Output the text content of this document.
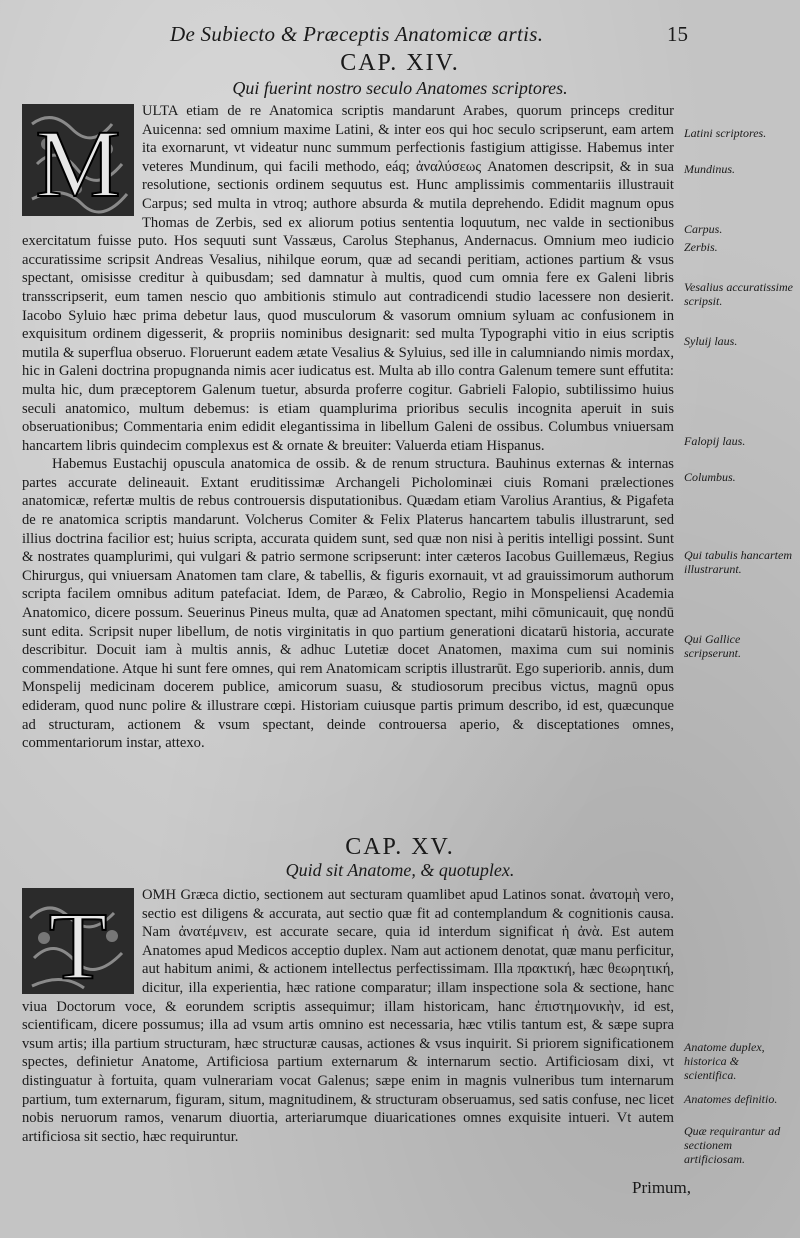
De Subiecto & Præceptis Anatomicæ artis.	15
CAP. XIV.
Qui fuerint nostro seculo Anatomes scriptores.
M	ULTA etiam de re Anatomica scriptis mandarunt Arabes, quorum princeps creditur Auicenna: sed omnium maxime Latini, & inter eos qui hoc seculo scripserunt, eam artem ita exornarunt, vt videatur nunc summum perfectionis fastigium attigisse. Habemus inter veteres Mundinum, qui facili methodo, eáq; ἀναλύσεως Anatomen descripsit, & in sua resolutione, sectionis ordinem sequutus est. Hunc amplissimis commentariis illustrauit Carpus; sed multa in vtroq; authore absurda & mutila deprehendo. Edidit magnum opus Thomas de Zerbis, sed ex aliorum potius sententia loquutum, nec valde in sectionibus exercitatum fuisse puto. Hos sequuti sunt Vassæus, Carolus Stephanus, Andernacus. Omnium meo iudicio accuratissime scripsit Andreas Vesalius, nihilque eorum, quæ ad secandi peritiam, actiones partium & vsus spectant, omisisse creditur à quibusdam; sed damnatur à multis, quod cum omnia fere ex Galeni libris transscripserit, eum tamen nescio quo ambitionis stimulo aut contradicendi studio lacessere non desierit. Iacobo Syluio hæc prima debetur laus, quod musculorum & vasorum omnium syluam ac confusionem in exquisitum ordinem digesserit, & propriis nominibus designarit: sed multa Typographi vitio in eius scriptis mutila & superflua obseruo. Floruerunt eadem ætate Vesalius & Syluius, sed ille in calumniando nimis mordax, hic in Galeni doctrina propugnanda nimis acer iudicatus est. Multa ab illo contra Galenum temere sunt effutita: multa hic, dum præceptorem Galenum tuetur, absurda proferre cogitur. Gabrieli Falopio, subtilissimo huius seculi anatomico, multum debemus: is etiam quamplurima prioribus seculis incognita aperuit in suis obseruationibus; Commentaria enim edidit elegantissima in libellum Galeni de ossibus. Columbus vniuersam hancartem libris quindecim complexus est & ornate & breuiter: Valuerda etiam Hispanus.

Habemus Eustachij opuscula anatomica de ossib. & de renum structura. Bauhinus externas & internas partes accurate delineauit. Extant eruditissimæ Archangeli Picholominæi ciuis Romani prælectiones anatomicæ, refertæ multis de rebus controuersis disputationibus. Quædam etiam Varolius Arantius, & Pigafeta de re anatomica scriptis mandarunt. Volcherus Comiter & Felix Platerus hancartem tabulis illustrarunt, sed illius doctrina facilior est; huius scripta, accurata quidem sunt, sed quæ non nisi à peritis intelligi possint. Sunt & nostrates quamplurimi, qui vulgari & patrio sermone scripserunt: inter cæteros Iacobus Guillemæus, Regius Chirurgus, qui vniuersam Anatomen tam clare, & tabellis, & figuris exornauit, vt ad grauissimorum authorum scripta facilem omnibus aditum patefaciat. Idem, de Paræo, & Cabrolio, Regio in Monspeliensi Academia Anatomico, dicere possum. Seuerinus Pineus multa, quæ ad Anatomen spectant, mihi cōmunicauit, quę nondū sunt edita. Scripsit nuper libellum, de notis virginitatis in quo partium generationi dicatarū historia, accurate describitur. Docuit iam à multis annis, & adhuc Lutetiæ docet Anatomen, maxima cum sui nominis commendatione. Atque hi sunt fere omnes, qui rem Anatomicam scriptis illustrarūt. Ego superiorib. annis, dum Monspelij medicinam docerem publice, amicorum suasu, & studiosorum precibus victus, magnū opus edideram, quod nunc polire & illustrare cœpi. Historiam cuiusque partis primum describo, id est, quæcunque ad structuram, actionem & vsum spectant, deinde controuersa aperio, & disceptationes omnes, commentariorum instar, attexo.

Latini scriptores.
Mundinus.
Carpus.
Zerbis.
Vesalius accuratissime scripsit.
Syluij laus.
Falopij laus.
Columbus.
Qui tabulis hancartem illustrarunt.
Qui Gallice scripserunt.
CAP. XV.
Quid sit Anatome, & quotuplex.
T	OMH Græca dictio, sectionem aut secturam quamlibet apud Latinos sonat. ἀνατομὴ vero, sectio est diligens & accurata, aut sectio quæ fit ad contemplandum & cognitionis causa. Nam ἀνατέμνειν, est accurate secare, quia id interdum significat ἡ ἀνὰ. Est autem Anatomes apud Medicos acceptio duplex. Nam aut actionem denotat, quæ manu perficitur, aut habitum animi, & actionem intellectus perfectissimam. Illa πρακτική, hæc θεωρητική, dicitur, illa experientia, hæc ratione comparatur; illam inspectione sola & sectione, hanc viua Doctorum voce, & eorundem scriptis assequimur; illam historicam, hanc ἐπιστημονικὴν, id est, scientificam, dicere possumus; illa ad vsum artis omnino est necessaria, hæc vtilis tantum est, & sæpe supra vsum artis; illa partium structuram, hæc structuræ causas, actiones & vsus inquirit. Si priorem significationem spectes, definietur Anatome, Artificiosa partium externarum & internarum sectio. Artificiosam dixi, vt distinguatur à fortuita, quam vulnerariam vocat Galenus; sæpe enim in magnis vulneribus tum internarum partium, tum externarum, figuram, situm, magnitudinem, & structuram obseruamus, sed satis confuse, nec licet nobis neruorum ramos, venarum diuortia, arteriarumque diuaricationes omnes exquisite intueri. Vt autem artificiosa sit sectio, hæc requiruntur.

Anatome duplex, historica & scientifica.
Anatomes definitio.
Quæ requirantur ad sectionem artificiosam.
Primum,
